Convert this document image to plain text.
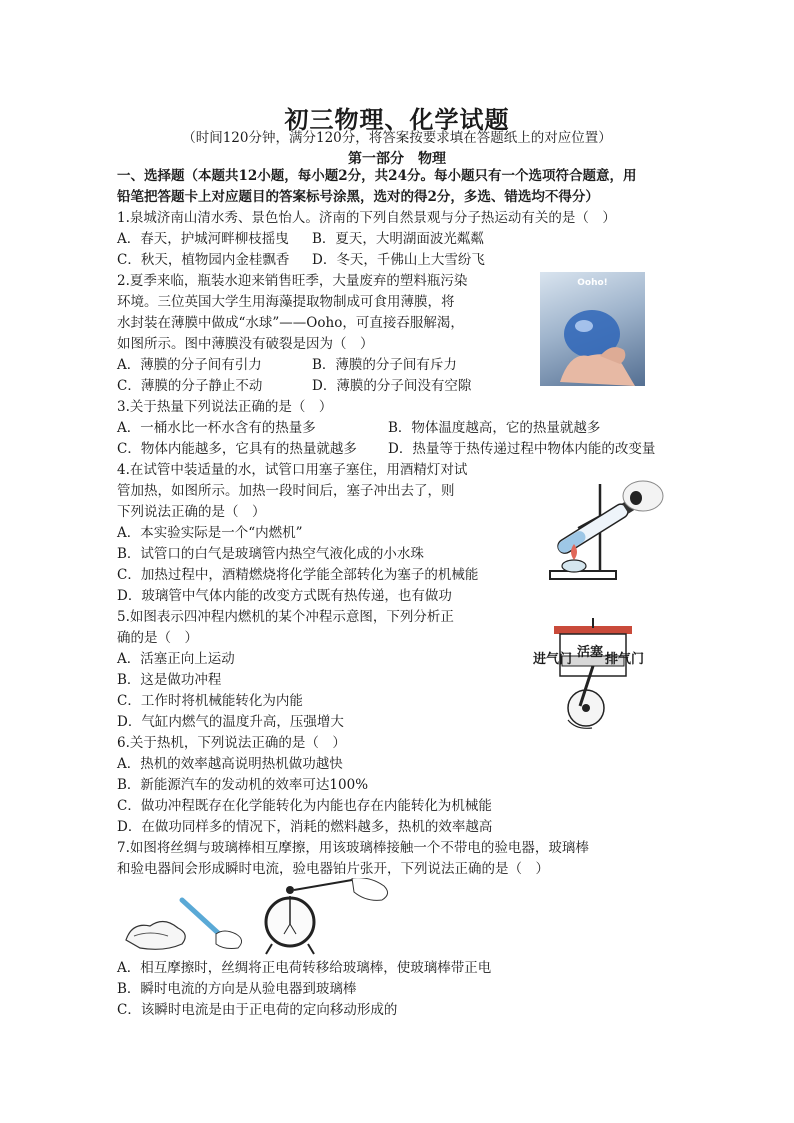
初三物理、化学试题
（时间120分钟，满分120分，将答案按要求填在答题纸上的对应位置）
第一部分　物理
一、选择题（本题共12小题，每小题2分，共24分。每小题只有一个选项符合题意，用
铅笔把答题卡上对应题目的答案标号涂黑，选对的得2分，多选、错选均不得分）
1.泉城济南山清水秀、景色怡人。济南的下列自然景观与分子热运动有关的是（　）
A．春天，护城河畔柳枝摇曳 B．夏天，大明湖面波光粼粼
C．秋天，植物园内金桂飘香 D．冬天，千佛山上大雪纷飞
2.夏季来临，瓶装水迎来销售旺季，大量废弃的塑料瓶污染
环境。三位英国大学生用海藻提取物制成可食用薄膜，将
水封装在薄膜中做成“水球”——Ooho，可直接吞服解渴，
如图所示。图中薄膜没有破裂是因为（　）
A．薄膜的分子间有引力	B．薄膜的分子间有斥力
C．薄膜的分子静止不动	D．薄膜的分子间没有空隙
Ooho!
3.关于热量下列说法正确的是（　）
A．一桶水比一杯水含有的热量多	B．物体温度越高，它的热量就越多
C．物体内能越多，它具有的热量就越多 D．热量等于热传递过程中物体内能的改变量
4.在试管中装适量的水，试管口用塞子塞住，用酒精灯对试
管加热，如图所示。加热一段时间后，塞子冲出去了，则
下列说法正确的是（　）
A．本实验实际是一个“内燃机”
B．试管口的白气是玻璃管内热空气液化成的小水珠
C．加热过程中，酒精燃烧将化学能全部转化为塞子的机械能
D．玻璃管中气体内能的改变方式既有热传递，也有做功
5.如图表示四冲程内燃机的某个冲程示意图，下列分析正
确的是（　）
A．活塞正向上运动
B．这是做功冲程
C．工作时将机械能转化为内能
D．气缸内燃气的温度升高，压强增大
进气门 活塞 排气门
6.关于热机，下列说法正确的是（　）
A．热机的效率越高说明热机做功越快
B．新能源汽车的发动机的效率可达100%
C．做功冲程既存在化学能转化为内能也存在内能转化为机械能
D．在做功同样多的情况下，消耗的燃料越多，热机的效率越高
7.如图将丝绸与玻璃棒相互摩擦，用该玻璃棒接触一个不带电的验电器，玻璃棒
和验电器间会形成瞬时电流，验电器铂片张开，下列说法正确的是（　）
A．相互摩擦时，丝绸将正电荷转移给玻璃棒，使玻璃棒带正电
B．瞬时电流的方向是从验电器到玻璃棒
C．该瞬时电流是由于正电荷的定向移动形成的
